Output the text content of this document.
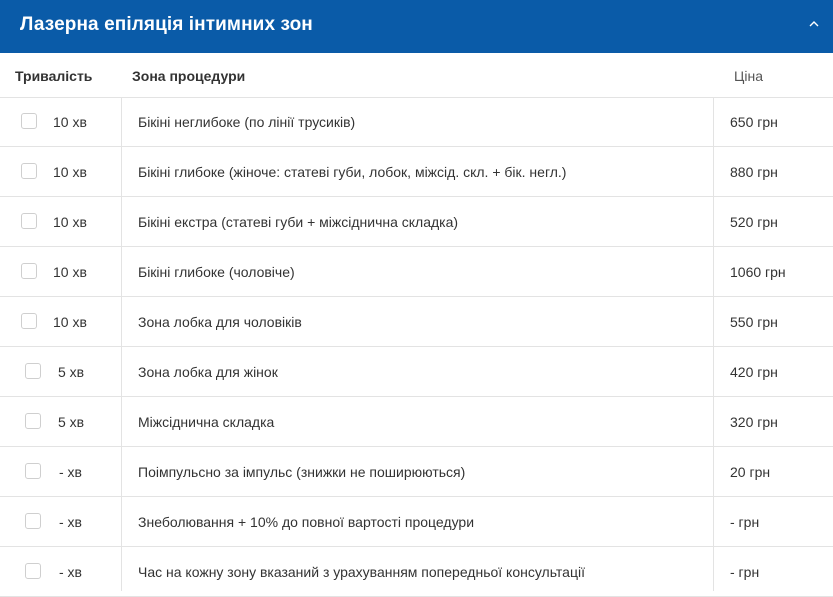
Лазерна епіляція інтимних зон
Тривалість	Зона процедури	Ціна
10 хв	Бікіні неглибоке (по лінії трусиків)	650 грн
10 хв	Бікіні глибоке (жіноче: статеві губи, лобок, міжсід. скл. + бік. негл.)	880 грн
10 хв	Бікіні екстра (статеві губи + міжсіднична складка)	520 грн
10 хв	Бікіні глибоке (чоловіче)	1060 грн
10 хв	Зона лобка для чоловіків	550 грн
5 хв	Зона лобка для жінок	420 грн
5 хв	Міжсіднична складка	320 грн
- хв	Поімпульсно за імпульс (знижки не поширюються)	20 грн
- хв	Знеболювання + 10% до повної вартості процедури	- грн
- хв	Час на кожну зону вказаний з урахуванням попередньої консультації	- грн
